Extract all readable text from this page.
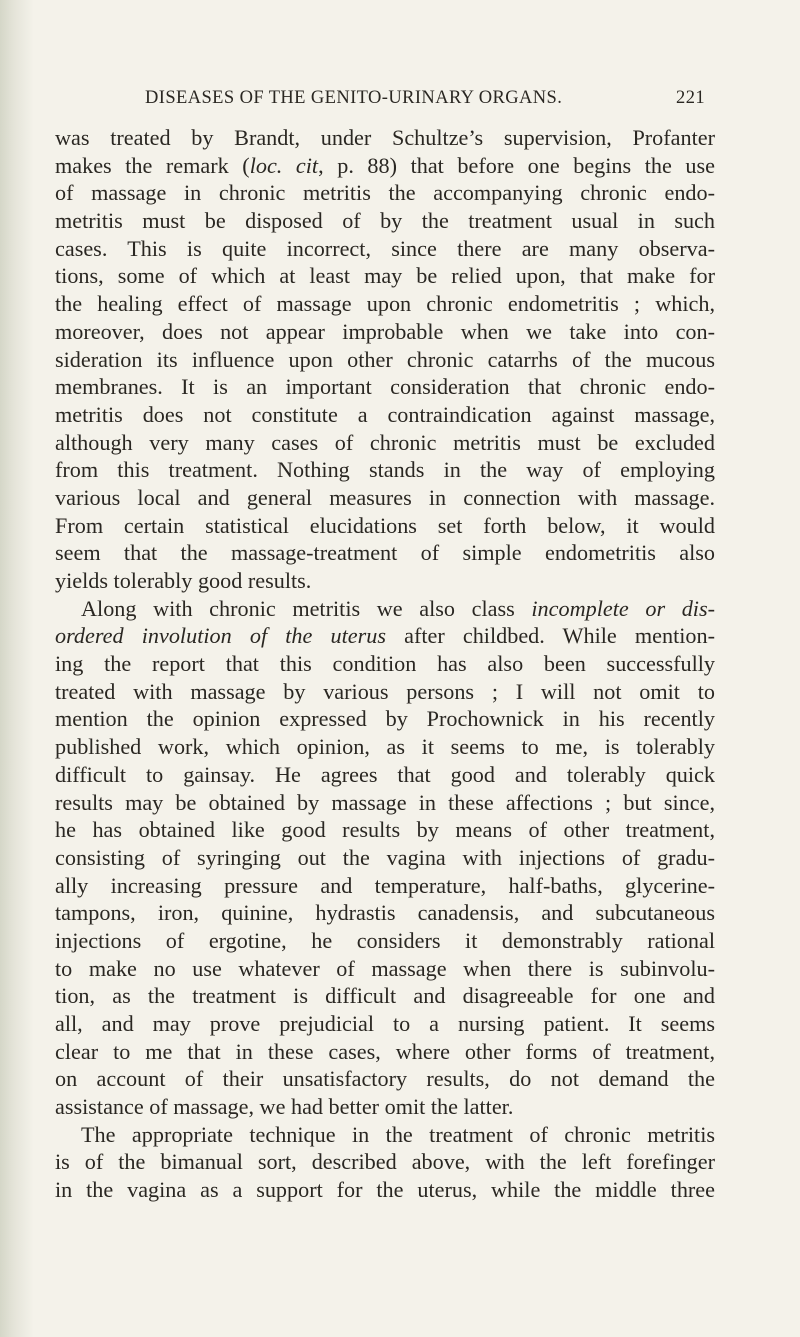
DISEASES OF THE GENITO-URINARY ORGANS.	221
was treated by Brandt, under Schultze’s supervision, Profanter
makes the remark (loc. cit, p. 88) that before one begins the use
of massage in chronic metritis the accompanying chronic endo-
metritis must be disposed of by the treatment usual in such
cases. This is quite incorrect, since there are many observa-
tions, some of which at least may be relied upon, that make for
the healing effect of massage upon chronic endometritis ; which,
moreover, does not appear improbable when we take into con-
sideration its influence upon other chronic catarrhs of the mucous
membranes. It is an important consideration that chronic endo-
metritis does not constitute a contraindication against massage,
although very many cases of chronic metritis must be excluded
from this treatment. Nothing stands in the way of employing
various local and general measures in connection with massage.
From certain statistical elucidations set forth below, it would
seem that the massage-treatment of simple endometritis also
yields tolerably good results.
Along with chronic metritis we also class incomplete or dis-
ordered involution of the uterus after childbed. While mention-
ing the report that this condition has also been successfully
treated with massage by various persons ; I will not omit to
mention the opinion expressed by Prochownick in his recently
published work, which opinion, as it seems to me, is tolerably
difficult to gainsay. He agrees that good and tolerably quick
results may be obtained by massage in these affections ; but since,
he has obtained like good results by means of other treatment,
consisting of syringing out the vagina with injections of gradu-
ally increasing pressure and temperature, half-baths, glycerine-
tampons, iron, quinine, hydrastis canadensis, and subcutaneous
injections of ergotine, he considers it demonstrably rational
to make no use whatever of massage when there is subinvolu-
tion, as the treatment is difficult and disagreeable for one and
all, and may prove prejudicial to a nursing patient. It seems
clear to me that in these cases, where other forms of treatment,
on account of their unsatisfactory results, do not demand the
assistance of massage, we had better omit the latter.
The appropriate technique in the treatment of chronic metritis
is of the bimanual sort, described above, with the left forefinger
in the vagina as a support for the uterus, while the middle three
